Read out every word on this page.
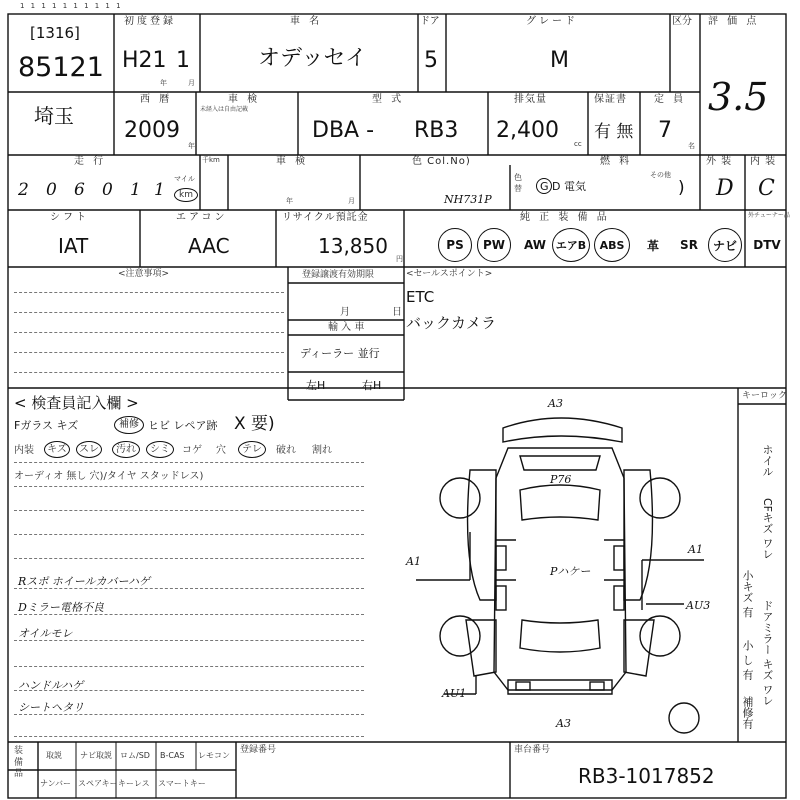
1 1 1 1 1 1 1 1 1 1
[1316]
85121
初度登録
H21 1
年	月
車 名
オデッセイ
ドア
5
グレード
M
区分 評 価 点
3.5
埼玉
西 暦
2009
年
車 検
未経入は自由記載
型 式
DBA - RB3
排気量
2,400
cc
保証書
有 無
定 員
7
名
走 行
2 0 6 0 1 1
マイル
km
千km	車 検
年	月
色 Col.No)
NH731P
色替
燃 料
G D 電気
その他
)
外 装
D
内 装
C
シフト
IAT
エアコン
AAC
リサイクル預託金
13,850
円
純 正 装 備 品	外チューナー品
PS	PW	AW エアB	ABS	革	SR	ナビ	DTV
<注意事項>	登録譲渡有効期限
月	日
輸 入 車
ディーラー 並行
左H	右H
<セールスポイント>
ETC
バックカメラ
< 検査員記入欄 >
Fガラス キズ	補修 ヒビ レペア跡 X 要)
内装	キズ	スレ	汚れ	シミ	コゲ 穴	テレ	破れ 割れ
オーディオ 無し 穴)/タイヤ スタッドレス)
Rスポ ホイールカバーハゲ
Dミラー電格不良
オイルモレ
ハンドルハゲ
シートヘタリ
A3
P76
A1
Pハケー
A1
AU3
AU1
A3
キーロック
ホイル
CFキズ ワレ
小キズ 有
ドアミラー キズ ワレ
小 し 有
補修有
装 備 品
取説 ナビ取説 ロム/SD B-CAS レモコン
ナンバー スペアキー キーレス スマートキー
登録番号	車台番号
RB3-1017852
